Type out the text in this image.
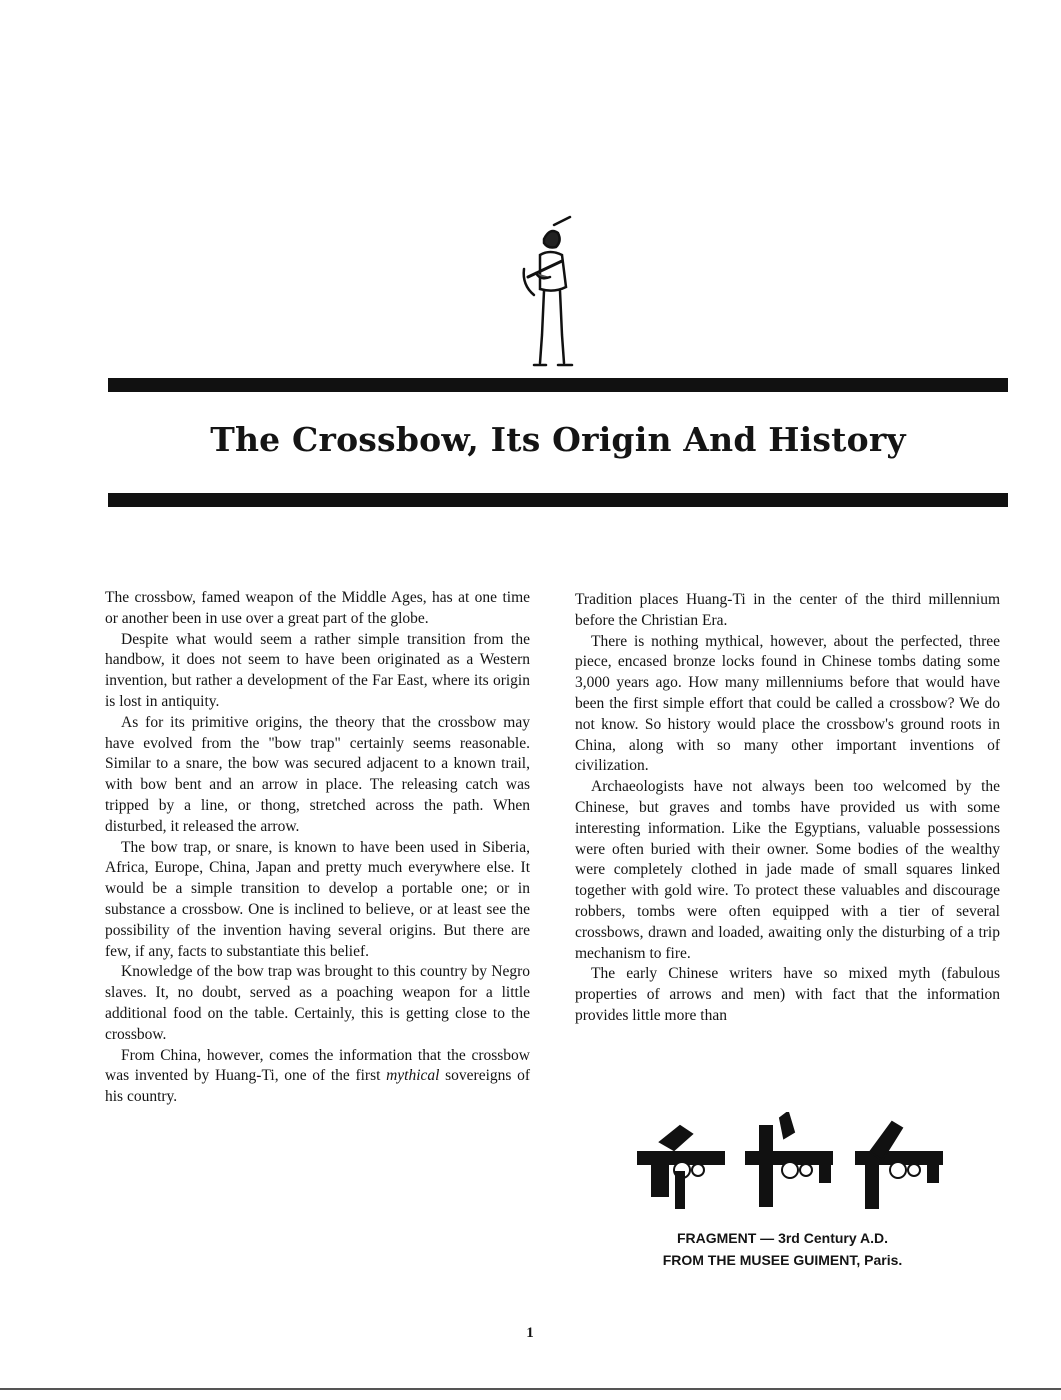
The Crossbow, Its Origin And History

The crossbow, famed weapon of the Middle Ages, has at one time or another been in use over a great part of the globe.

Despite what would seem a rather simple transition from the handbow, it does not seem to have been originated as a Western invention, but rather a development of the Far East, where its origin is lost in antiquity.

As for its primitive origins, the theory that the crossbow may have evolved from the "bow trap" certainly seems reasonable. Similar to a snare, the bow was secured adjacent to a known trail, with bow bent and an arrow in place. The releasing catch was tripped by a line, or thong, stretched across the path. When disturbed, it released the arrow.

The bow trap, or snare, is known to have been used in Siberia, Africa, Europe, China, Japan and pretty much everywhere else. It would be a simple transition to develop a portable one; or in substance a crossbow. One is inclined to believe, or at least see the possibility of the invention having several origins. But there are few, if any, facts to substantiate this belief.

Knowledge of the bow trap was brought to this country by Negro slaves. It, no doubt, served as a poaching weapon for a little additional food on the table. Certainly, this is getting close to the crossbow.

From China, however, comes the information that the crossbow was invented by Huang-Ti, one of the first mythical sovereigns of his country.

Tradition places Huang-Ti in the center of the third millennium before the Christian Era.

There is nothing mythical, however, about the perfected, three piece, encased bronze locks found in Chinese tombs dating some 3,000 years ago. How many millenniums before that would have been the first simple effort that could be called a crossbow? We do not know. So history would place the crossbow's ground roots in China, along with so many other important inventions of civilization.

Archaeologists have not always been too welcomed by the Chinese, but graves and tombs have provided us with some interesting information. Like the Egyptians, valuable possessions were often buried with their owner. Some bodies of the wealthy were completely clothed in jade made of small squares linked together with gold wire. To protect these valuables and discourage robbers, tombs were often equipped with a tier of several crossbows, drawn and loaded, awaiting only the disturbing of a trip mechanism to fire.

The early Chinese writers have so mixed myth (fabulous properties of arrows and men) with fact that the information provides little more than

FRAGMENT — 3rd Century A.D.
FROM THE MUSEE GUIMENT, Paris.
1
